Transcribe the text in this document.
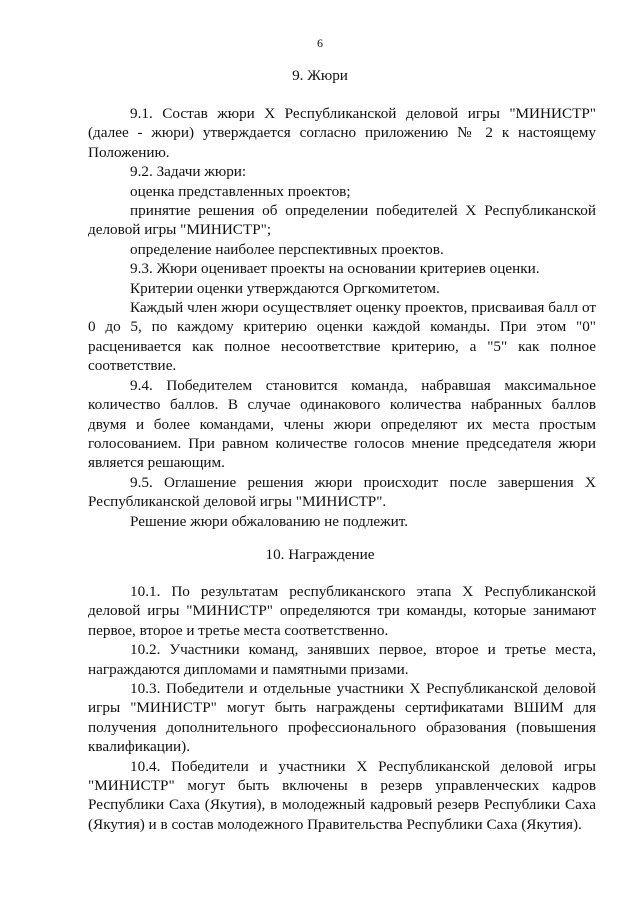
6
9. Жюри

9.1. Состав жюри X Республиканской деловой игры "МИНИСТР" (далее - жюри) утверждается согласно приложению № 2 к настоящему Положению.

9.2. Задачи жюри:

оценка представленных проектов;

принятие решения об определении победителей X Республиканской деловой игры "МИНИСТР";

определение наиболее перспективных проектов.

9.3. Жюри оценивает проекты на основании критериев оценки.

Критерии оценки утверждаются Оргкомитетом.

Каждый член жюри осуществляет оценку проектов, присваивая балл от 0 до 5, по каждому критерию оценки каждой команды. При этом "0" расценивается как полное несоответствие критерию, а "5" как полное соответствие.

9.4. Победителем становится команда, набравшая максимальное количество баллов. В случае одинакового количества набранных баллов двумя и более командами, члены жюри определяют их места простым голосованием. При равном количестве голосов мнение председателя жюри является решающим.

9.5. Оглашение решения жюри происходит после завершения X Республиканской деловой игры "МИНИСТР".

Решение жюри обжалованию не подлежит.

10. Награждение

10.1. По результатам республиканского этапа X Республиканской деловой игры "МИНИСТР" определяются три команды, которые занимают первое, второе и третье места соответственно.

10.2. Участники команд, занявших первое, второе и третье места, награждаются дипломами и памятными призами.

10.3. Победители и отдельные участники X Республиканской деловой игры "МИНИСТР" могут быть награждены сертификатами ВШИМ для получения дополнительного профессионального образования (повышения квалификации).

10.4. Победители и участники X Республиканской деловой игры "МИНИСТР" могут быть включены в резерв управленческих кадров Республики Саха (Якутия), в молодежный кадровый резерв Республики Саха (Якутия) и в состав молодежного Правительства Республики Саха (Якутия).
